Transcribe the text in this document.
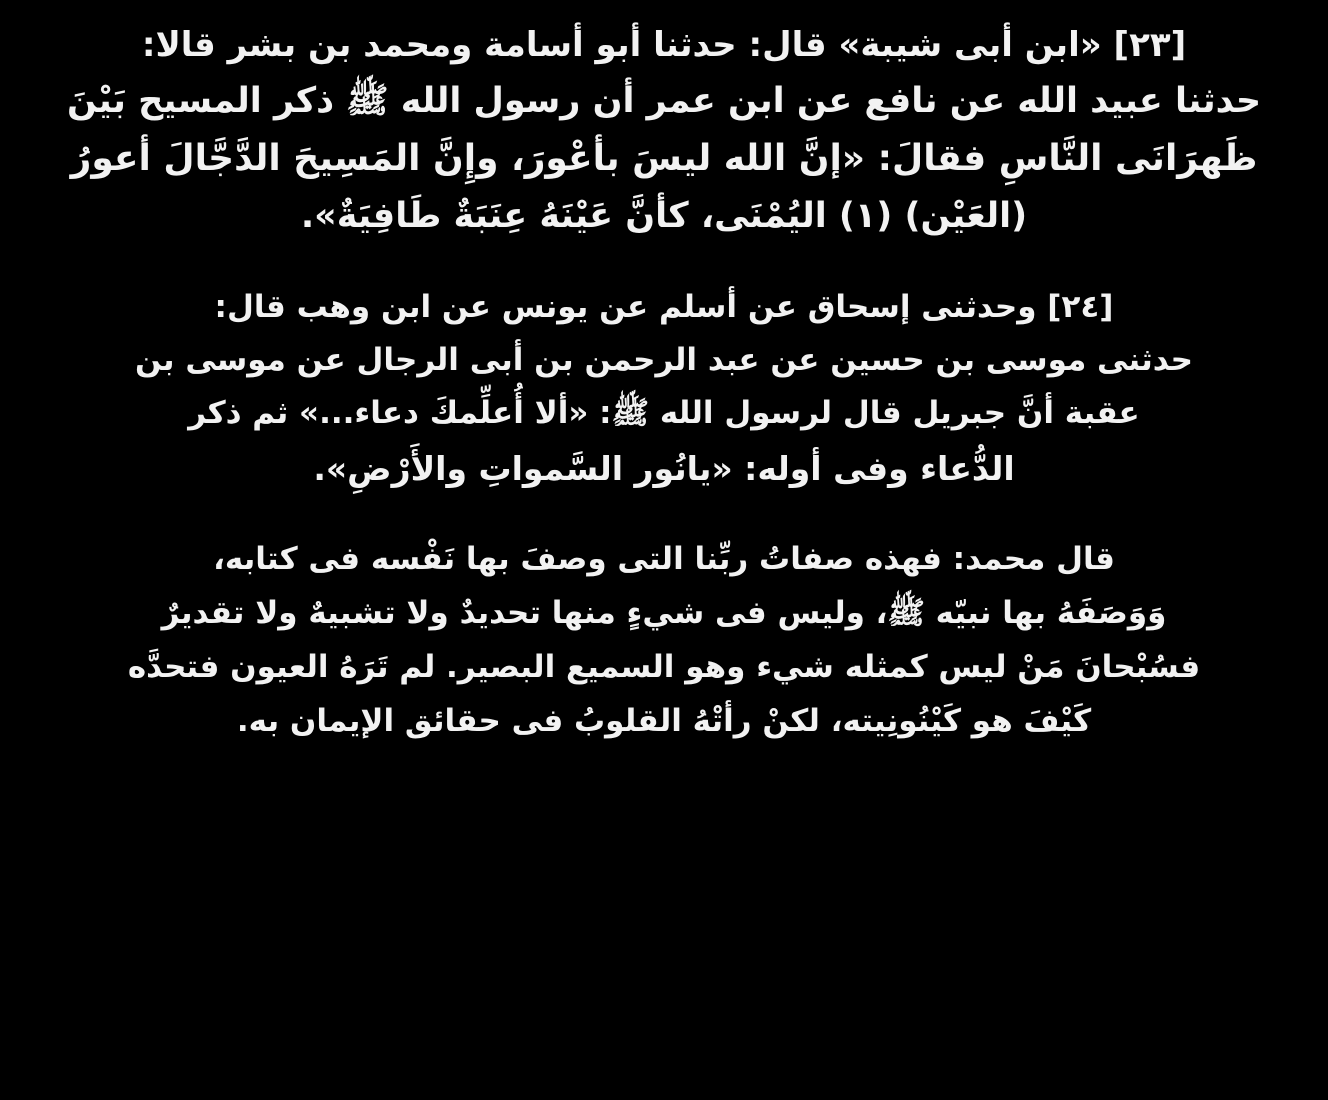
[٢٣] «ابن أبى شيبة» قال: حدثنا أبو أسامة ومحمد بن بشر قالا:

حدثنا عبيد الله عن نافع عن ابن عمر أن رسول الله ﷺ ذكر المسيح بَيْنَ

ظَهرَانَى النَّاسِ فقالَ: «إنَّ الله ليسَ بأعْورَ، وإِنَّ المَسِيحَ الدَّجَّالَ أعورُ

(العَيْن) (١) اليُمْنَى، كأنَّ عَيْنَهُ عِنَبَةٌ طَافِيَةٌ».

[٢٤] وحدثنى إسحاق عن أسلم عن يونس عن ابن وهب قال:

حدثنى موسى بن حسين عن عبد الرحمن بن أبى الرجال عن موسى بن

عقبة أنَّ جبريل قال لرسول الله ﷺ: «ألا أُعلِّمكَ دعاء...» ثم ذكر

الدُّعاء وفى أوله: «يانُور السَّمواتِ والأَرْضِ».

قال محمد: فهذه صفاتُ ربِّنا التى وصفَ بها نَفْسه فى كتابه،

وَوَصَفَهُ بها نبيّه ﷺ، وليس فى شيءٍ منها تحديدٌ ولا تشبيهٌ ولا تقديرٌ

فسُبْحانَ مَنْ ليس كمثله شيء وهو السميع البصير. لم تَرَهُ العيون فتحدَّه

كَيْفَ هو كَيْنُونِيته، لكنْ رأتْهُ القلوبُ فى حقائق الإيمان به.
